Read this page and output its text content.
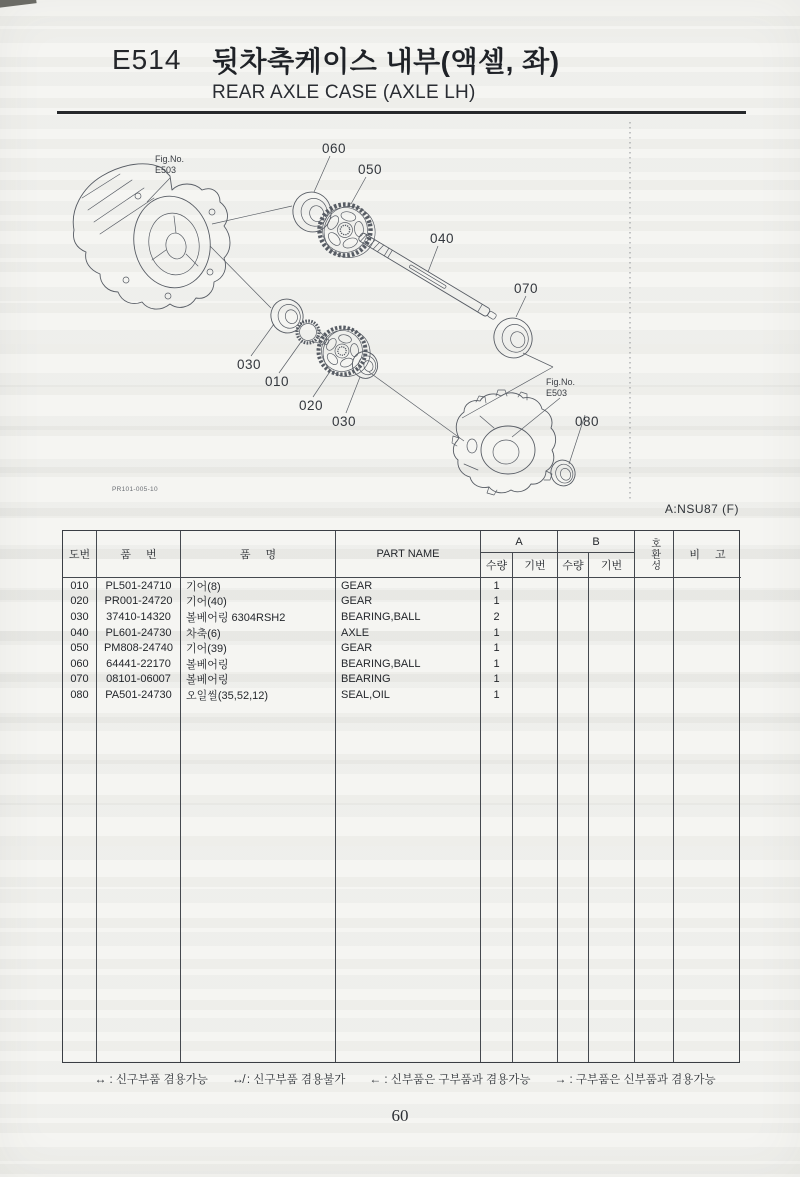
E514 뒷차축케이스 내부(액셀, 좌)
REAR AXLE CASE (AXLE LH)
Fig.No.
E503
060
050
040
070
030
010
020
030	080
Fig.No.
E503
PR101-005-10
A:NSU87 (F)
도번	품 번	품 명	PART NAME
A	B	호환성	비 고
수량	기번	수량	기번
010	PL501-24710	기어(8)	GEAR	1
020	PR001-24720	기어(40)	GEAR	1
030	37410-14320	볼베어링 6304RSH2	BEARING,BALL	2
040	PL601-24730	차축(6)	AXLE	1
050	PM808-24740	기어(39)	GEAR	1
060	64441-22170	볼베어링	BEARING,BALL	1
070	08101-06007	볼베어링	BEARING	1
080	PA501-24730	오일씰(35,52,12)	SEAL,OIL	1
↔ : 신구부품 겸용가능 ↮ : 신구부품 겸용불가 ← : 신부품은 구부품과 겸용가능 → : 구부품은 신부품과 겸용가능
60
